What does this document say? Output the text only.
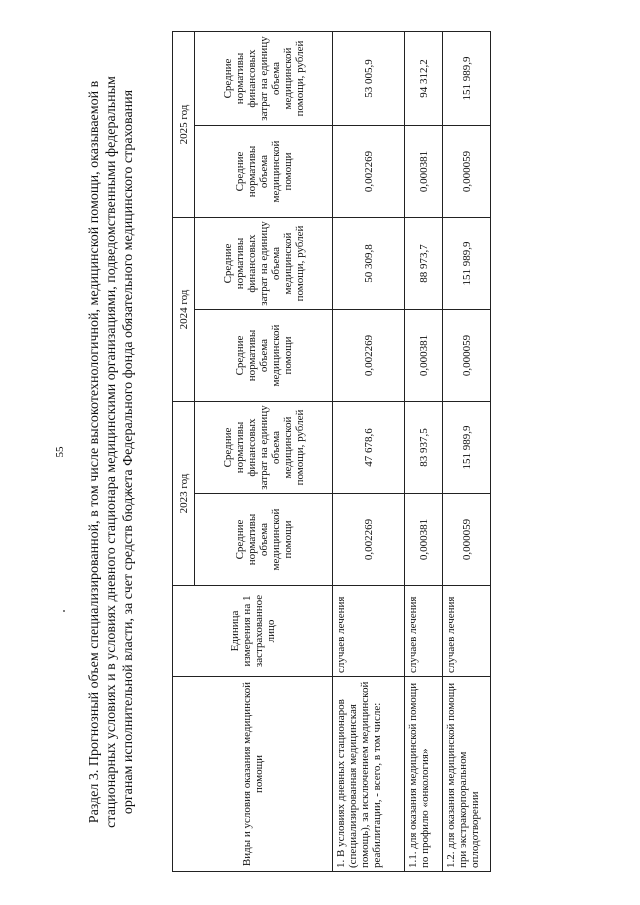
55 Раздел 3. Прогнозный объем специализированной, в том числе высокотехнологичной, медицинской помощи, оказываемой в стационарных условиях и в условиях дневного стационара медицинскими организациями, подведомственными федеральным органам исполнительной власти, за счет средств бюджета Федерального фонда обязательного медицинского страхования	Виды и условия оказания медицинской помощи	Единица измерения на 1 застрахованное лицо	2023 год		2024 год		2025 год	
		Средние нормативы объема медицинской помощи	Средние нормативы финансовых затрат на единицу объема медицинской помощи, рублей	Средние нормативы объема медицинской помощи	Средние нормативы финансовых затрат на единицу объема медицинской помощи, рублей	Средние нормативы объема медицинской помощи	Средние нормативы финансовых затрат на единицу объема медицинской помощи, рублей
1. В условиях дневных стационаров (специализированная медицинская помощь), за исключением медицинской реабилитации, - всего, в том числе:	случаев лечения	0,002269	47 678,6	0,002269	50 309,8	0,002269	53 005,9
1.1. для оказания медицинской помощи по профилю «онкология»	случаев лечения	0,000381	83 937,5	0,000381	88 973,7	0,000381	94 312,2
1.2. для оказания медицинской помощи при экстракорпоральном оплодотворении	случаев лечения	0,000059	151 989,9	0,000059	151 989,9	0,000059	151 989,9
